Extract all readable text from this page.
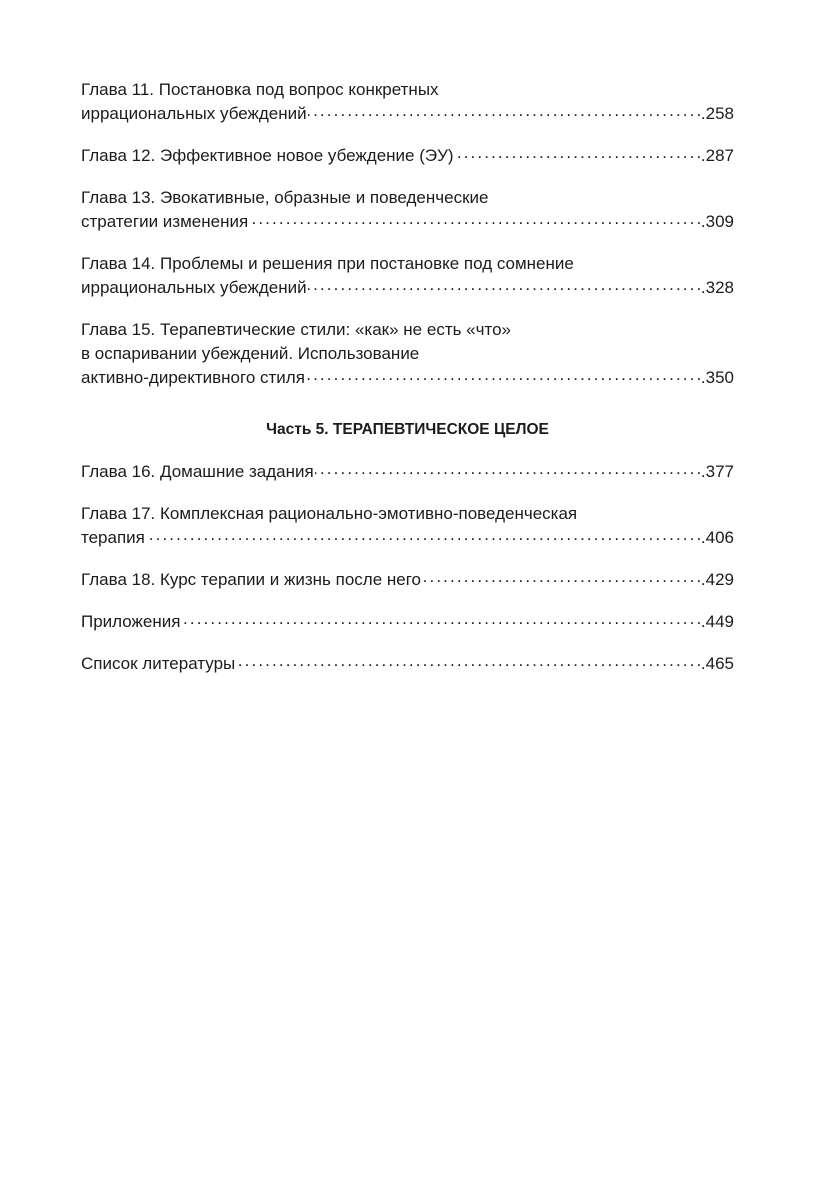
Глава 11. Постановка под вопрос конкретных
иррациональных убеждений . . .	.258
Глава 12. Эффективное новое убеждение (ЭУ) . . .	.287
Глава 13. Эвокативные, образные и поведенческие
стратегии изменения . . .	.309
Глава 14. Проблемы и решения при постановке под сомнение
иррациональных убеждений . . .	.328
Глава 15. Терапевтические стили: «как» не есть «что»
в оспаривании убеждений. Использование
активно-директивного стиля . . .	.350
Часть 5. ТЕРАПЕВТИЧЕСКОЕ ЦЕЛОЕ
Глава 16. Домашние задания . . .	.377
Глава 17. Комплексная рационально-эмотивно-поведенческая
терапия . . .	.406
Глава 18. Курс терапии и жизнь после него . . .	.429
Приложения . . .	.449
Список литературы . . .	.465
